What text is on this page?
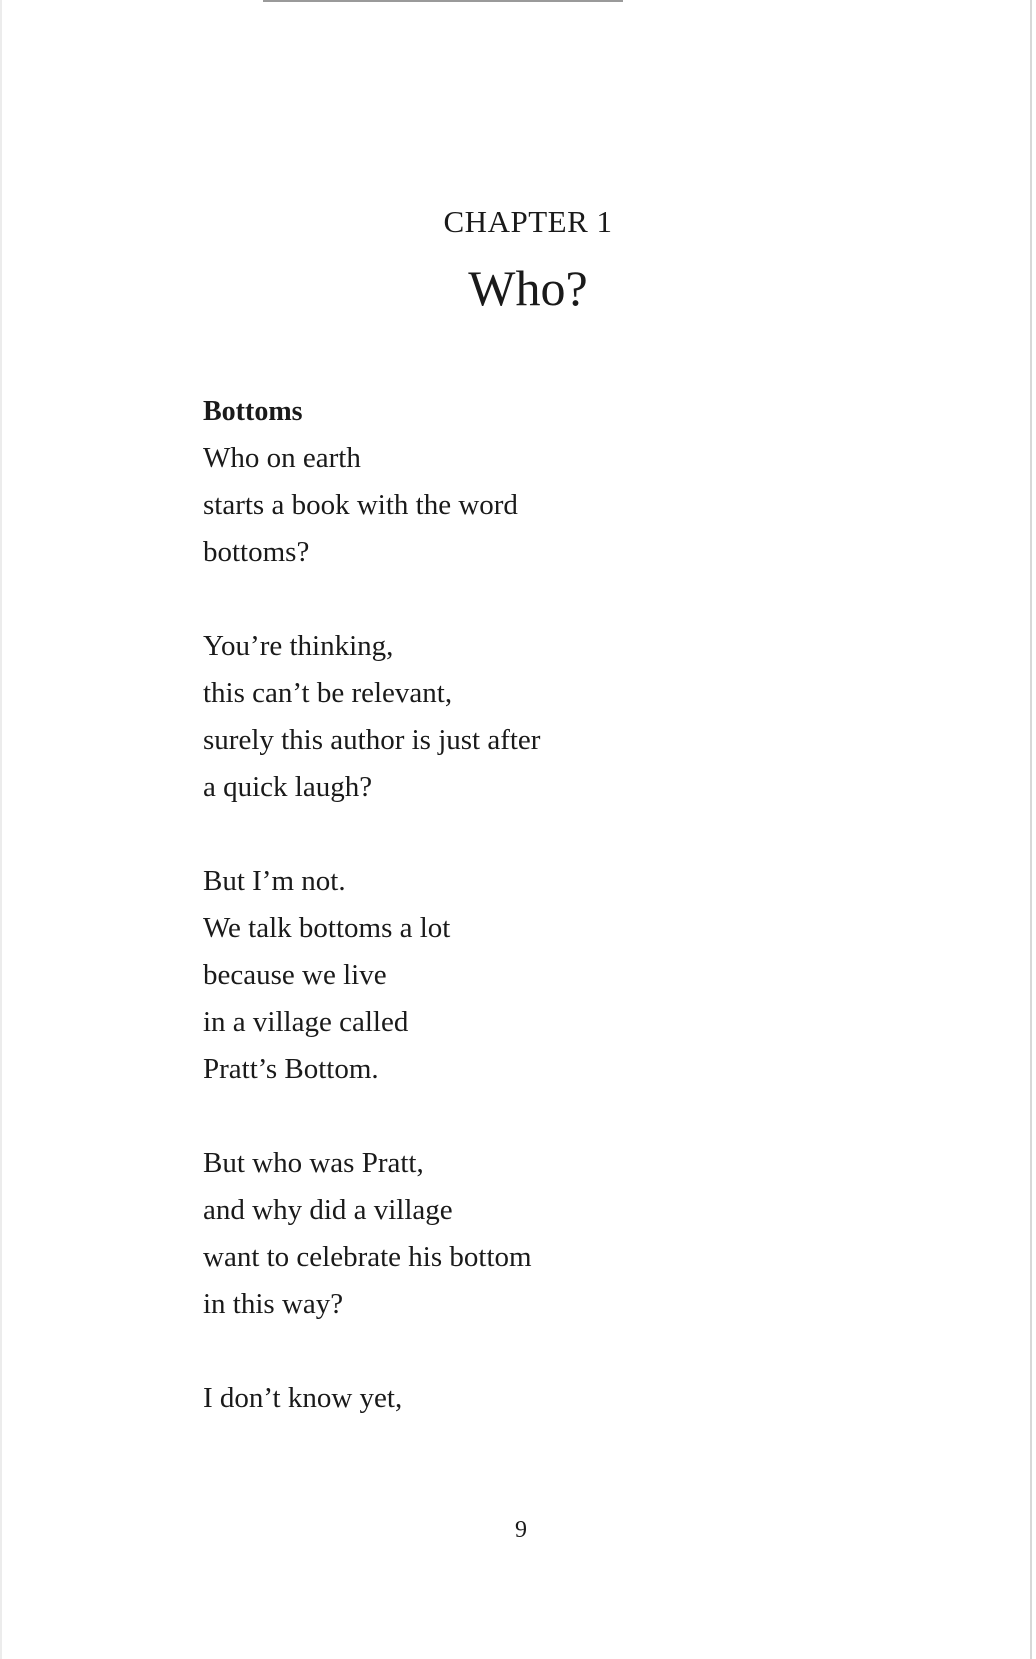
CHAPTER 1
Who?
Bottoms
Who on earth
starts a book with the word
bottoms?
You’re thinking,
this can’t be relevant,
surely this author is just after
a quick laugh?
But I’m not.
We talk bottoms a lot
because we live
in a village called
Pratt’s Bottom.
But who was Pratt,
and why did a village
want to celebrate his bottom
in this way?
I don’t know yet,
9
